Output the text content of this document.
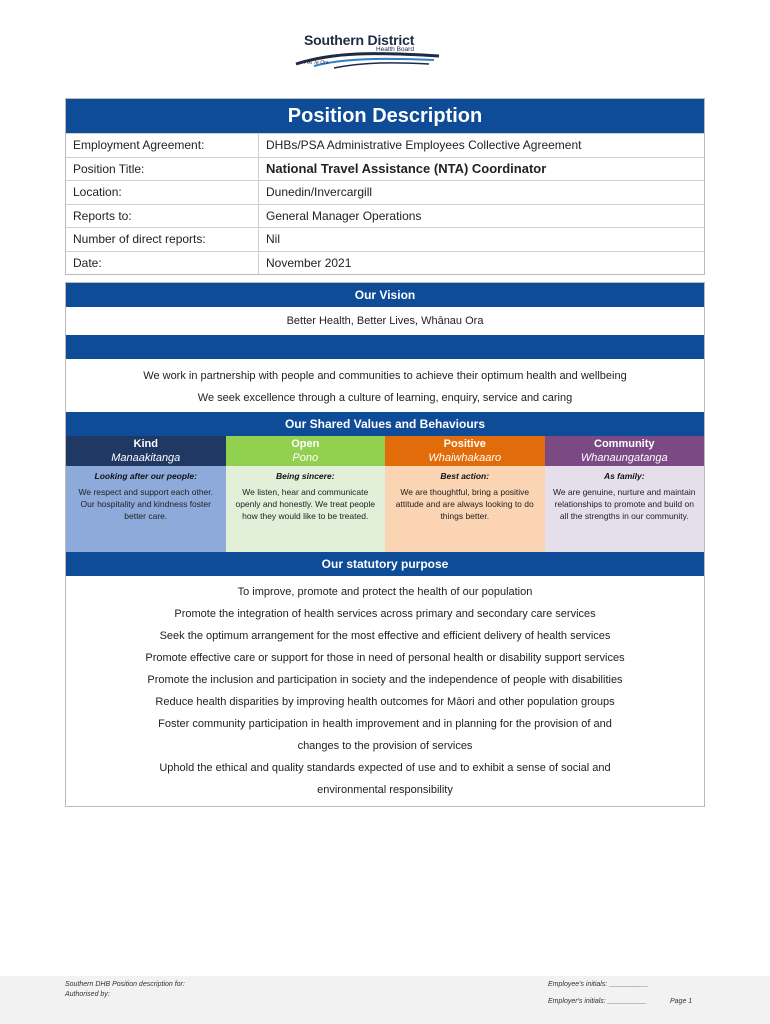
Southern District
Health Board
Piki Te Ora
Position Description
Employment Agreement:	DHBs/PSA Administrative Employees Collective Agreement
Position Title:	National Travel Assistance (NTA) Coordinator
Location:	Dunedin/Invercargill
Reports to:	General Manager Operations
Number of direct reports:	Nil
Date:	November 2021
Our Vision
Better Health, Better Lives, Whānau Ora
We work in partnership with people and communities to achieve their optimum health and wellbeing
We seek excellence through a culture of learning, enquiry, service and caring
Our Shared Values and Behaviours
Kind
Manaakitanga
Looking after our people:
We respect and support each other. Our hospitality and kindness foster better care.
Open
Pono
Being sincere:
We listen, hear and communicate openly and honestly. We treat people how they would like to be treated.
Positive
Whaiwhakaaro
Best action:
We are thoughtful, bring a positive attitude and are always looking to do things better.
Community
Whanaungatanga
As family:
We are genuine, nurture and maintain relationships to promote and build on all the strengths in our community.
Our statutory purpose
To improve, promote and protect the health of our population
Promote the integration of health services across primary and secondary care services
Seek the optimum arrangement for the most effective and efficient delivery of health services
Promote effective care or support for those in need of personal health or disability support services
Promote the inclusion and participation in society and the independence of people with disabilities
Reduce health disparities by improving health outcomes for Māori and other population groups
Foster community participation in health improvement and in planning for the provision of and
changes to the provision of services
Uphold the ethical and quality standards expected of use and to exhibit a sense of social and
environmental responsibility
Southern DHB Position description for:
Authorised by:
Employee's initials: __________
Employer's initials: __________	Page 1
